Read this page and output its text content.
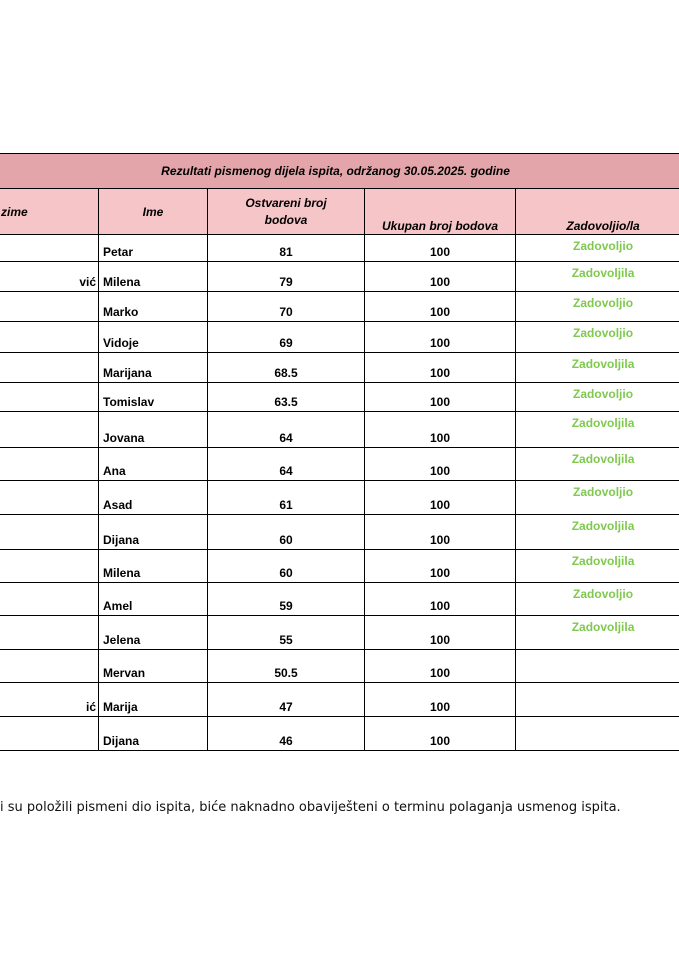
Rezultati pismenog dijela ispita, održanog 30.05.2025. godine				
zime	Ime	Ostvareni broj bodova	Ukupan broj bodova	Zadovoljio/la
	Petar	81	100	Zadovoljio
vić	Milena	79	100	Zadovoljila
	Marko	70	100	Zadovoljio
	Vidoje	69	100	Zadovoljio
	Marijana	68.5	100	Zadovoljila
	Tomislav	63.5	100	Zadovoljio
	Jovana	64	100	Zadovoljila
	Ana	64	100	Zadovoljila
	Asad	61	100	Zadovoljio
	Dijana	60	100	Zadovoljila
	Milena	60	100	Zadovoljila
	Amel	59	100	Zadovoljio
	Jelena	55	100	Zadovoljila
	Mervan	50.5	100	
ić	Marija	47	100	
	Dijana	46	100	
i su položili pismeni dio ispita, biće naknadno obaviješteni o terminu polaganja usmenog ispita.
